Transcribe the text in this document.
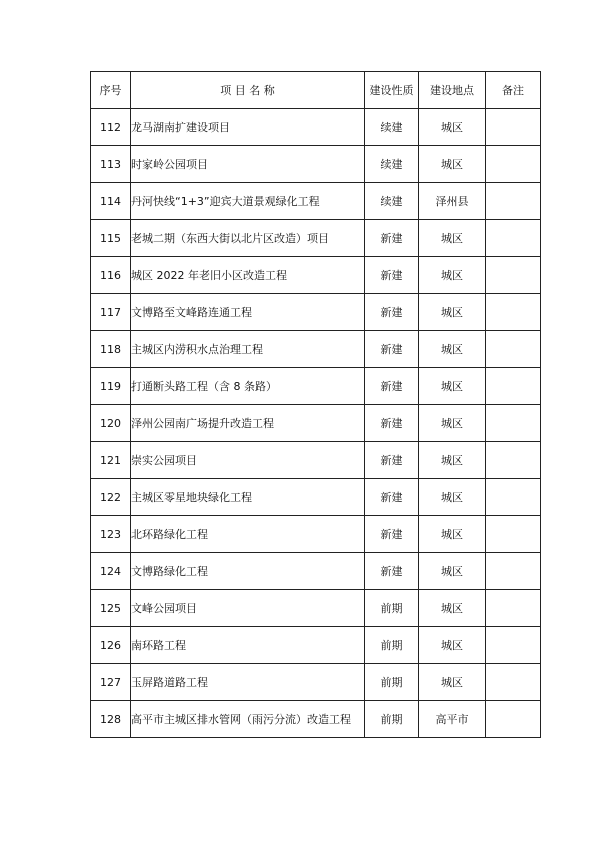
序号	项 目 名 称	建设性质	建设地点	备注
112	龙马湖南扩建设项目	续建	城区	
113	时家岭公园项目	续建	城区	
114	丹河快线“1+3”迎宾大道景观绿化工程	续建	泽州县	
115	老城二期（东西大街以北片区改造）项目	新建	城区	
116	城区 2022 年老旧小区改造工程	新建	城区	
117	文博路至文峰路连通工程	新建	城区	
118	主城区内涝积水点治理工程	新建	城区	
119	打通断头路工程（含 8 条路）	新建	城区	
120	泽州公园南广场提升改造工程	新建	城区	
121	崇实公园项目	新建	城区	
122	主城区零星地块绿化工程	新建	城区	
123	北环路绿化工程	新建	城区	
124	文博路绿化工程	新建	城区	
125	文峰公园项目	前期	城区	
126	南环路工程	前期	城区	
127	玉屏路道路工程	前期	城区	
128	高平市主城区排水管网（雨污分流）改造工程	前期	高平市	
